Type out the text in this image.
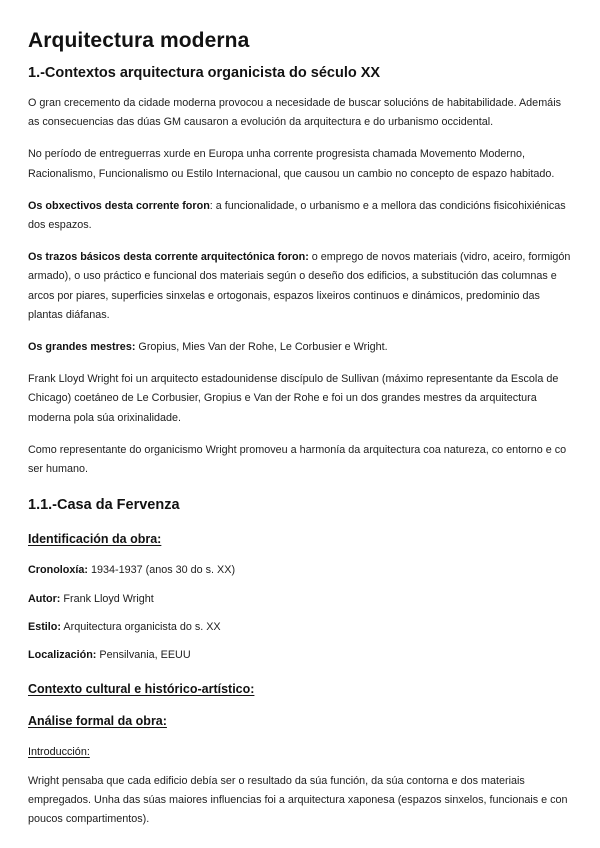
Arquitectura moderna
1.-Contextos arquitectura organicista do século XX

O gran crecemento da cidade moderna provocou a necesidade de buscar solucións de habitabilidade. Ademáis as consecuencias das dúas GM causaron a evolución da arquitectura e do urbanismo occidental.

No período de entreguerras xurde en Europa unha corrente progresista chamada Movemento Moderno, Racionalismo, Funcionalismo ou Estilo Internacional, que causou un cambio no concepto de espazo habitado.

Os obxectivos desta corrente foron: a funcionalidade, o urbanismo e a mellora das condicións fisicohixiénicas dos espazos.

Os trazos básicos desta corrente arquitectónica foron: o emprego de novos materiais (vidro, aceiro, formigón armado), o uso práctico e funcional dos materiais según o deseño dos edificios, a substitución das columnas e arcos por piares, superficies sinxelas e ortogonais, espazos lixeiros continuos e dinámicos, predominio das plantas diáfanas.

Os grandes mestres: Gropius, Mies Van der Rohe, Le Corbusier e Wright.

Frank Lloyd Wright foi un arquitecto estadounidense discípulo de Sullivan (máximo representante da Escola de Chicago) coetáneo de Le Corbusier, Gropius e Van der Rohe e foi un dos grandes mestres da arquitectura moderna pola súa orixinalidade.

Como representante do organicismo Wright promoveu a harmonía da arquitectura coa natureza, co entorno e co ser humano.

1.1.-Casa da Fervenza
Identificación da obra:

Cronoloxía: 1934-1937 (anos 30 do s. XX)

Autor: Frank Lloyd Wright

Estilo: Arquitectura organicista do s. XX

Localización: Pensilvania, EEUU

Contexto cultural e histórico-artístico:
Análise formal da obra:
Introducción:

Wright pensaba que cada edificio debía ser o resultado da súa función, da súa contorna e dos materiais empregados. Unha das súas maiores influencias foi a arquitectura xaponesa (espazos sinxelos, funcionais e con poucos compartimentos).
